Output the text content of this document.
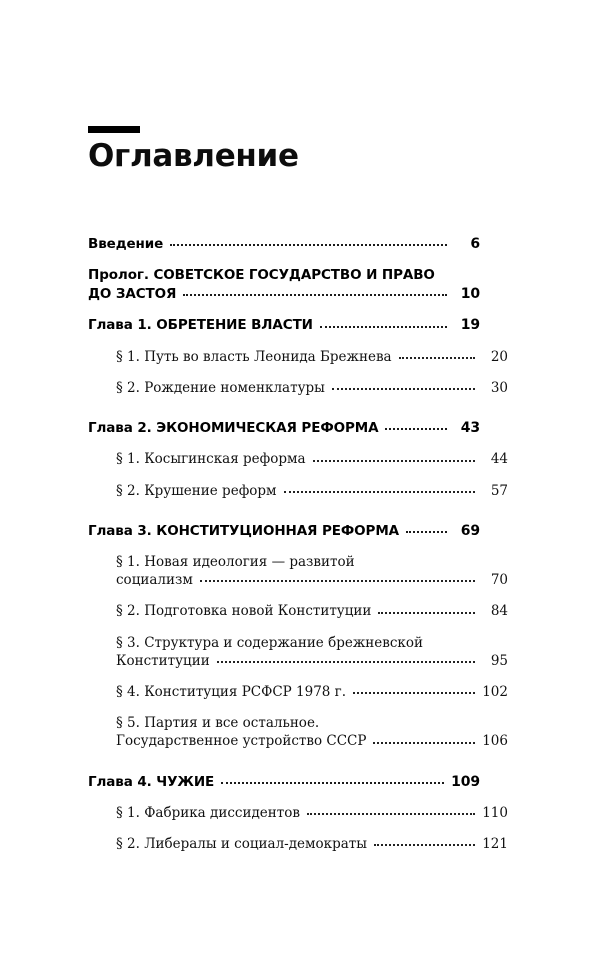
Оглавление
Введение	6
Пролог. СОВЕТСКОЕ ГОСУДАРСТВО И ПРАВО
ДО ЗАСТОЯ	10
Глава 1. ОБРЕТЕНИЕ ВЛАСТИ	19
§ 1. Путь во власть Леонида Брежнева	20
§ 2. Рождение номенклатуры	30
Глава 2. ЭКОНОМИЧЕСКАЯ РЕФОРМА	43
§ 1. Косыгинская реформа	44
§ 2. Крушение реформ	57
Глава 3. КОНСТИТУЦИОННАЯ РЕФОРМА	69
§ 1. Новая идеология — развитой
социализм	70
§ 2. Подготовка новой Конституции	84
§ 3. Структура и содержание брежневской
Конституции	95
§ 4. Конституция РСФСР 1978 г.	102
§ 5. Партия и все остальное.
Государственное устройство СССР	106
Глава 4. ЧУЖИЕ	109
§ 1. Фабрика диссидентов	110
§ 2. Либералы и социал-демократы	121
